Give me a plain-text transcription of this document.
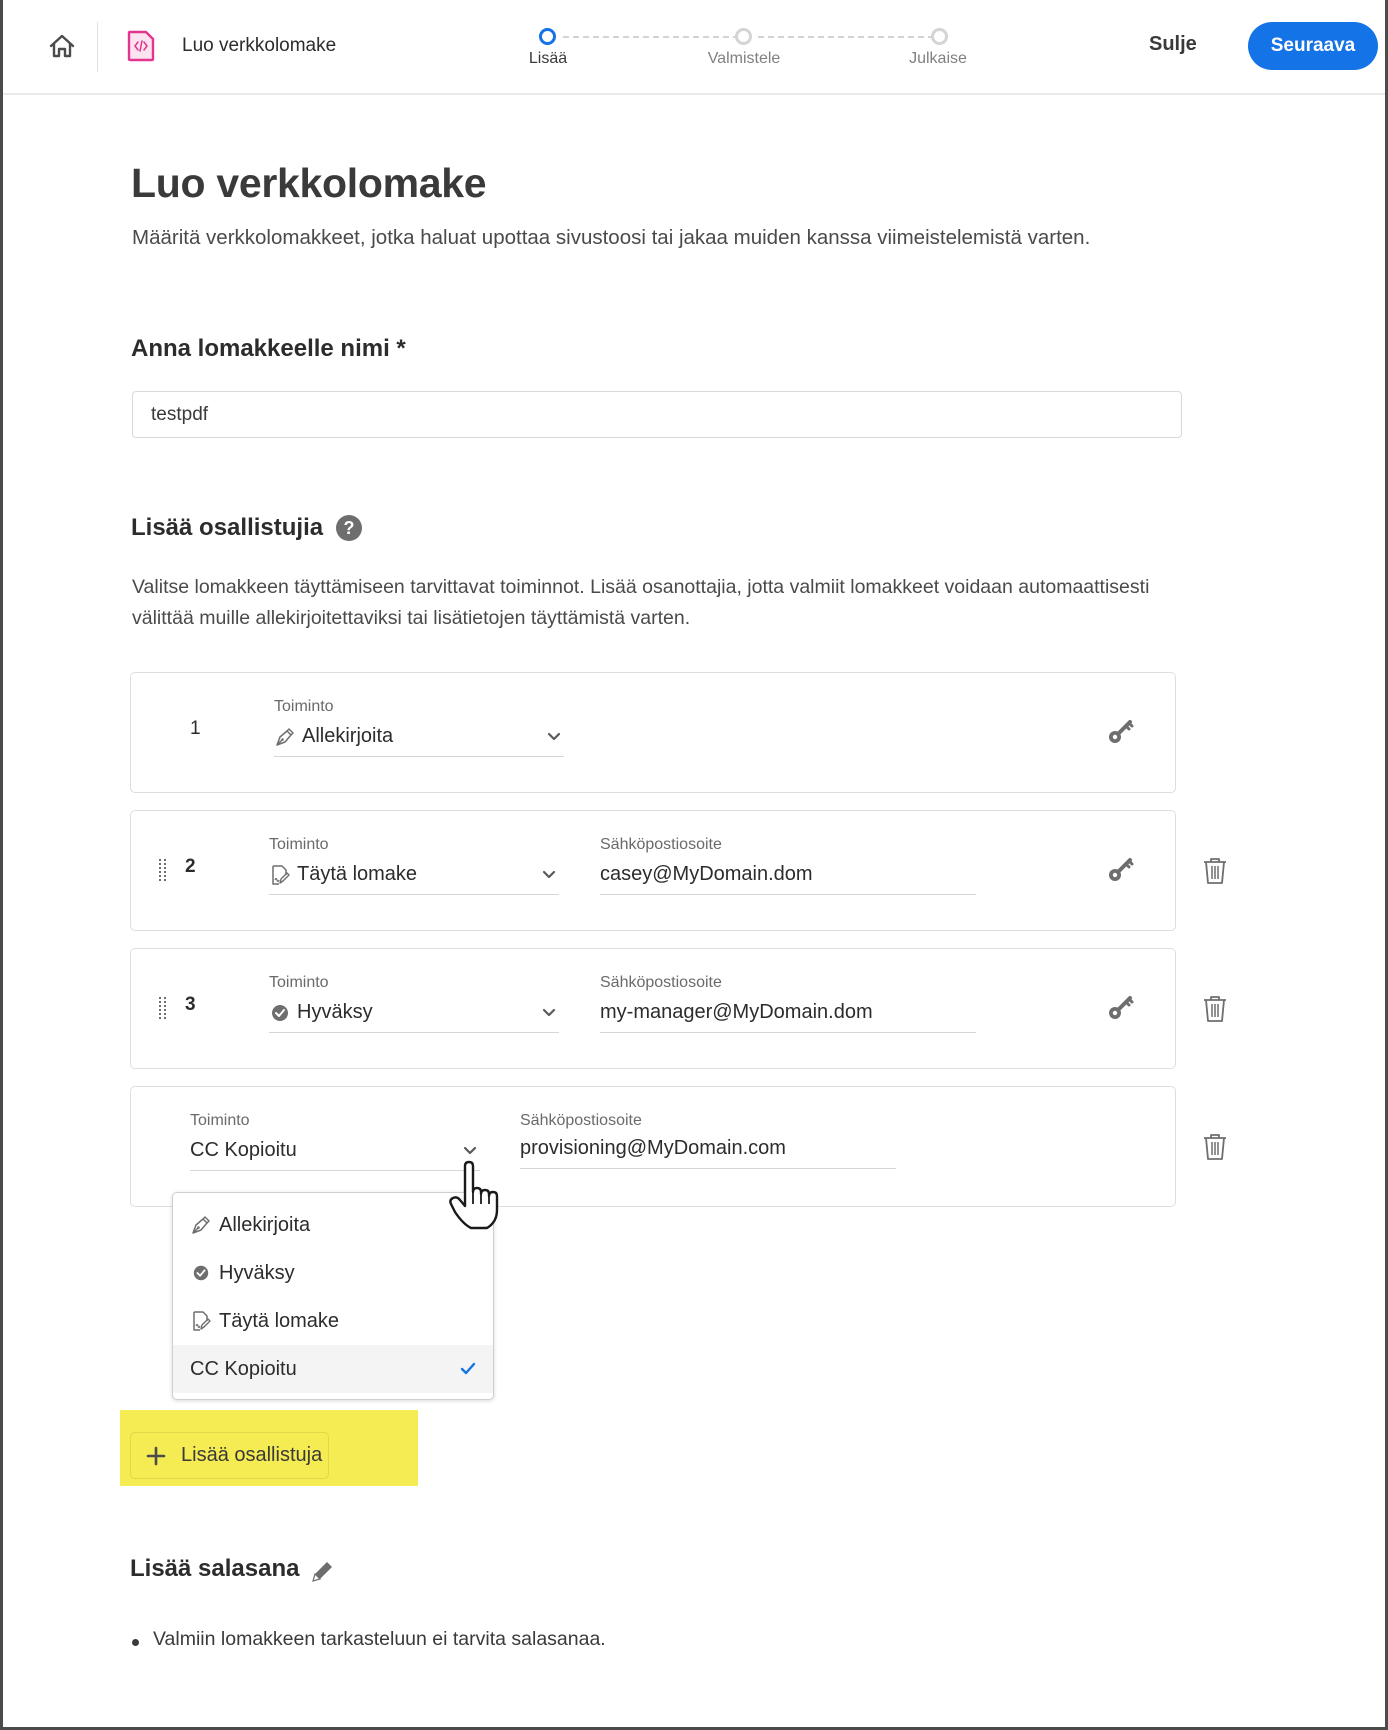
Luo verkkolomake
Lisää	Valmistele	Julkaise
Sulje	Seuraava
Luo verkkolomake
Määritä verkkolomakkeet, jotka haluat upottaa sivustoosi tai jakaa muiden kanssa viimeistelemistä varten.
Anna lomakkeelle nimi *
testpdf
Lisää osallistujia	?
Valitse lomakkeen täyttämiseen tarvittavat toiminnot. Lisää osanottajia, jotta valmiit lomakkeet voidaan automaattisesti välittää muille allekirjoitettaviksi tai lisätietojen täyttämistä varten.
1
Toiminto
Allekirjoita
2
Toiminto
Täytä lomake
Sähköpostiosoite
casey@MyDomain.dom
3
Toiminto
Hyväksy
Sähköpostiosoite
my-manager@MyDomain.dom
Toiminto
CC Kopioitu
Sähköpostiosoite
provisioning@MyDomain.com
Allekirjoita
Hyväksy
Täytä lomake
CC Kopioitu
Lisää osallistuja
Lisää salasana
Valmiin lomakkeen tarkasteluun ei tarvita salasanaa.
